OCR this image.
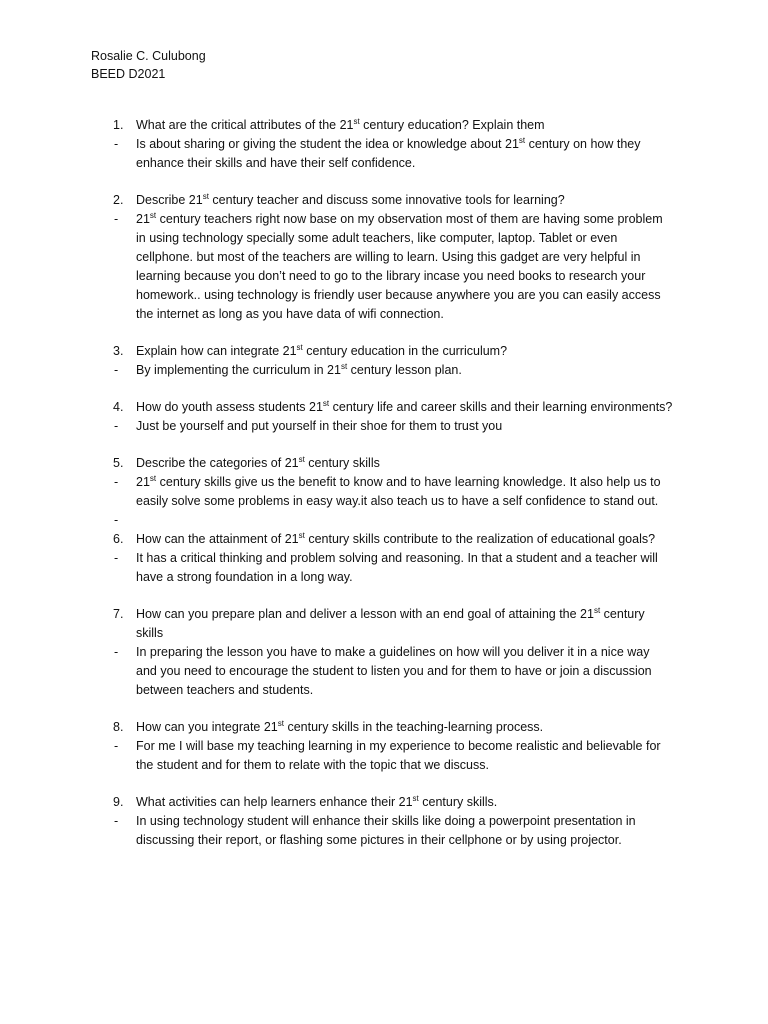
Rosalie C. Culubong
BEED D2021
1. What are the critical attributes of the 21st century education? Explain them
- Is about sharing or giving the student the idea or knowledge about 21st century on how they enhance their skills and have their self confidence.
2. Describe 21st century teacher and discuss some innovative tools for learning?
- 21st century teachers right now base on my observation most of them are having some problem in using technology specially some adult teachers, like computer, laptop. Tablet or even cellphone. but most of the teachers are willing to learn. Using this gadget are very helpful in learning because you don’t need to go to the library incase you need books to research your homework.. using technology is friendly user because anywhere you are you can easily access the internet as long as you have data of wifi connection.
3. Explain how can integrate 21st century education in the curriculum?
- By implementing the curriculum in 21st century lesson plan.
4. How do youth assess students 21st century life and career skills and their learning environments?
- Just be yourself and put yourself in their shoe for them to trust you
5. Describe the categories of 21st century skills
- 21st century skills give us the benefit to know and to have learning knowledge. It also help us to easily solve some problems in easy way.it also teach us to have a self confidence to stand out.
-
6. How can the attainment of 21st century skills contribute to the realization of educational goals?
- It has a critical thinking and problem solving and reasoning. In that a student and a teacher will have a strong foundation in a long way.
7. How can you prepare plan and deliver a lesson with an end goal of attaining the 21st century skills
- In preparing the lesson you have to make a guidelines on how will you deliver it in a nice way and you need to encourage the student to listen you and for them to have or join a discussion between teachers and students.
8. How can you integrate 21st century skills in the teaching-learning process.
- For me I will base my teaching learning in my experience to become realistic and believable for the student and for them to relate with the topic that we discuss.
9. What activities can help learners enhance their 21st century skills.
- In using technology student will enhance their skills like doing a powerpoint presentation in discussing their report, or flashing some pictures in their cellphone or by using projector.
